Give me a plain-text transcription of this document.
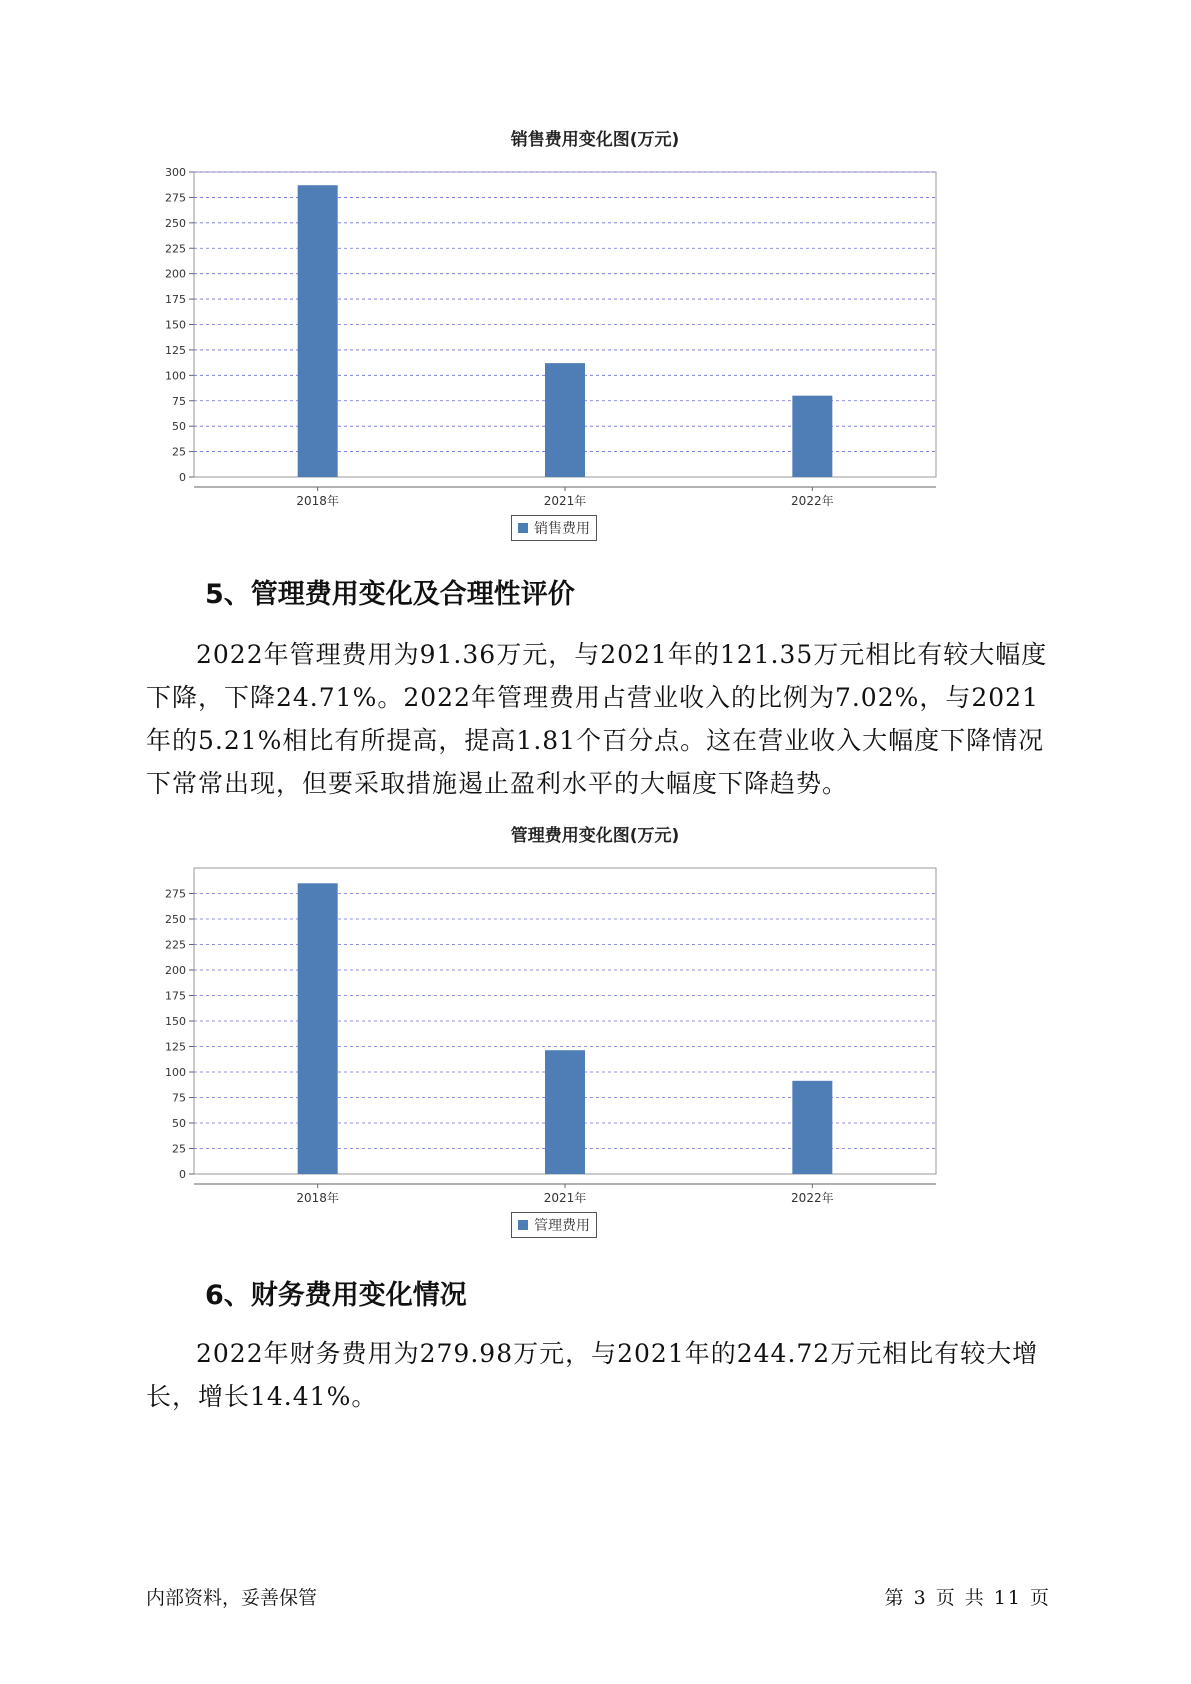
销售费用变化图(万元)
0
25
50
75
100
125
150
175
200
225
250
275
300
2018年	2021年	2022年
销售费用
5、管理费用变化及合理性评价

2022年管理费用为91.36万元，与2021年的121.35万元相比有较大幅度下降，下降24.71%。2022年管理费用占营业收入的比例为7.02%，与2021年的5.21%相比有所提高，提高1.81个百分点。这在营业收入大幅度下降情况下常常出现，但要采取措施遏止盈利水平的大幅度下降趋势。

管理费用变化图(万元)
0
25
50
75
100
125
150
175
200
225
250
275
2018年	2021年	2022年
管理费用
6、财务费用变化情况

2022年财务费用为279.98万元，与2021年的244.72万元相比有较大增长，增长14.41%。

内部资料，妥善保管	第 3 页 共 11 页
